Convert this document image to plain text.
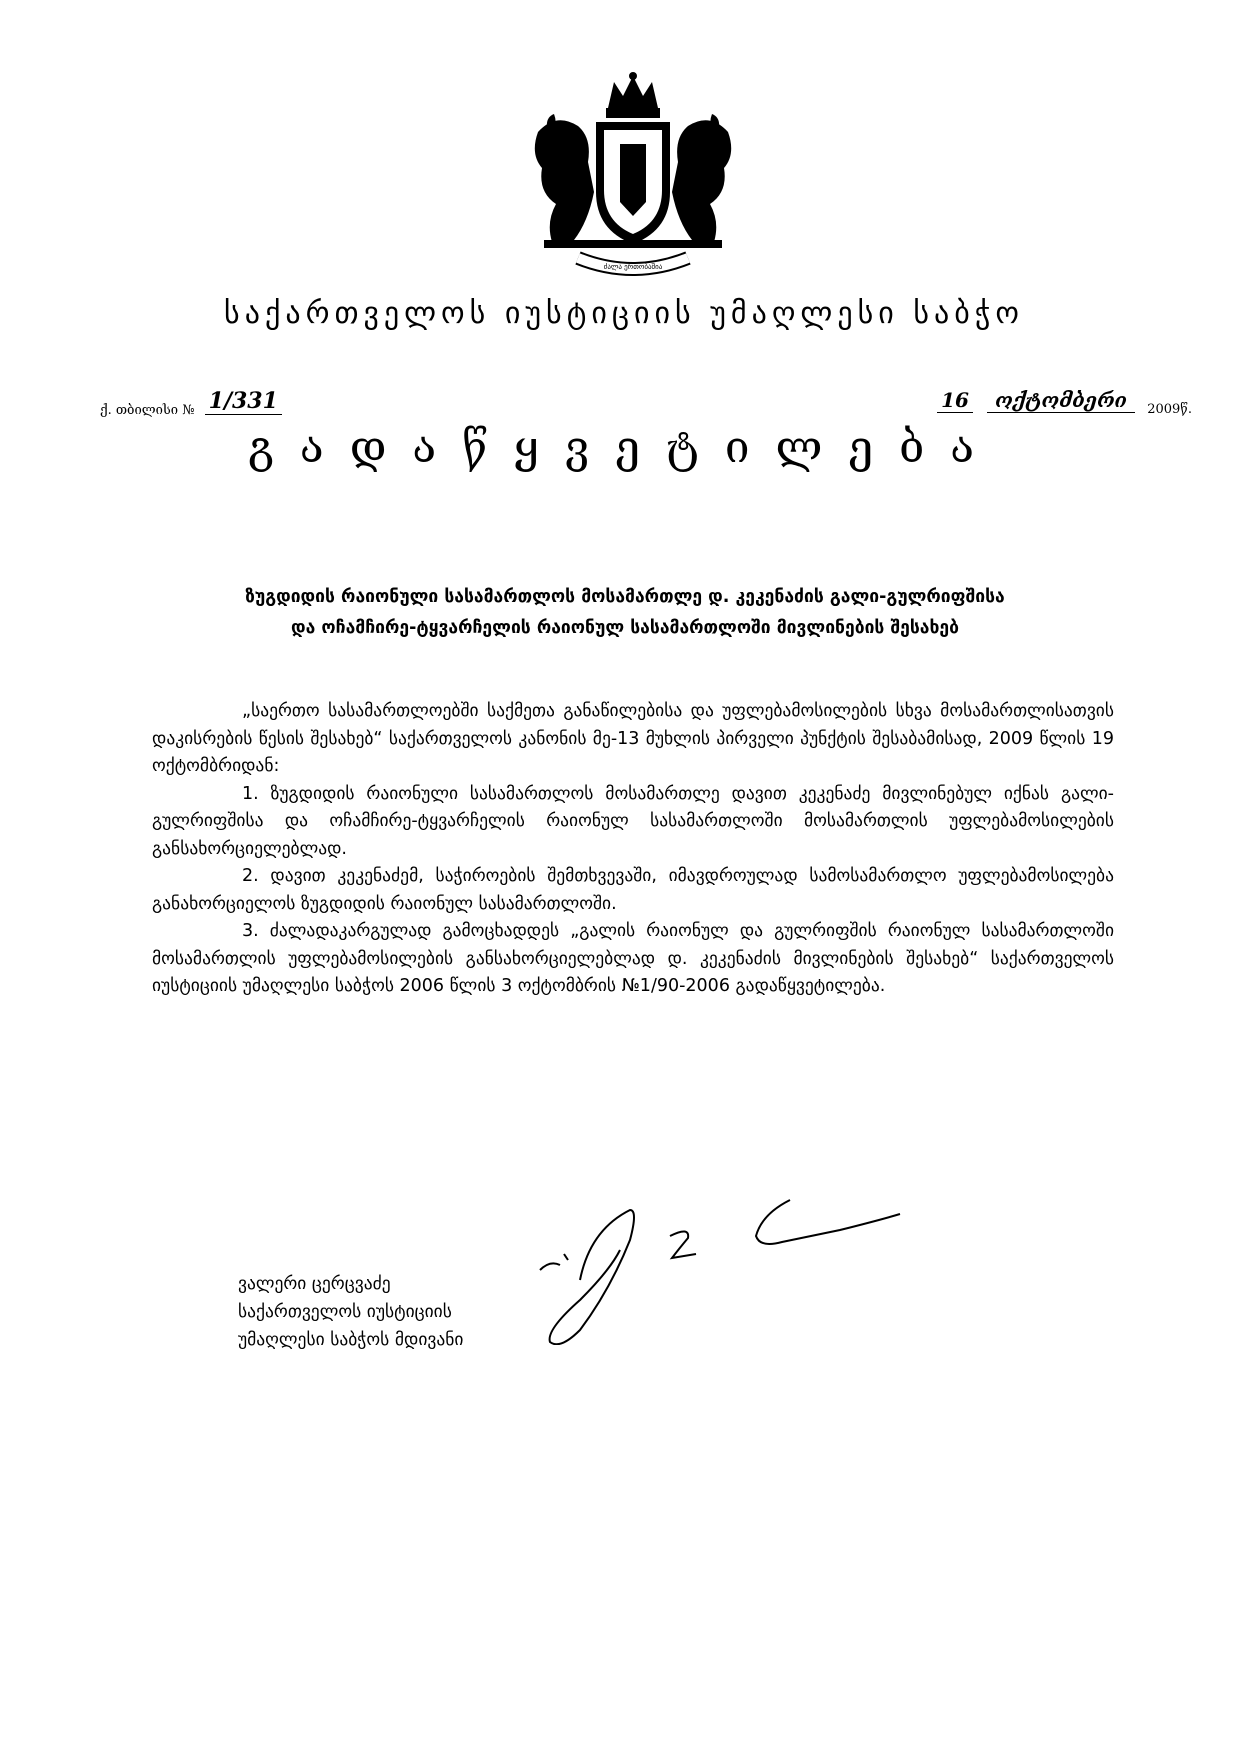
ძალა ერთობაშია
საქართველოს იუსტიციის უმაღლესი საბჭო
ქ. თბილისი № 1/331	16 ოქტომბერი 2009წ.
გადაწყვეტილება
ზუგდიდის რაიონული სასამართლოს მოსამართლე დ. კეკენაძის გალი-გულრიფშისა
და ოჩამჩირე-ტყვარჩელის რაიონულ სასამართლოში მივლინების შესახებ

„საერთო სასამართლოებში საქმეთა განაწილებისა და უფლებამოსილების სხვა მოსამართლისათვის დაკისრების წესის შესახებ“ საქართველოს კანონის მე-13 მუხლის პირველი პუნქტის შესაბამისად, 2009 წლის 19 ოქტომბრიდან:

1. ზუგდიდის რაიონული სასამართლოს მოსამართლე დავით კეკენაძე მივლინებულ იქნას გალი-გულრიფშისა და ოჩამჩირე-ტყვარჩელის რაიონულ სასამართლოში მოსამართლის უფლებამოსილების განსახორციელებლად.

2. დავით კეკენაძემ, საჭიროების შემთხვევაში, იმავდროულად სამოსამართლო უფლებამოსილება განახორციელოს ზუგდიდის რაიონულ სასამართლოში.

3. ძალადაკარგულად გამოცხადდეს „გალის რაიონულ და გულრიფშის რაიონულ სასამართლოში მოსამართლის უფლებამოსილების განსახორციელებლად დ. კეკენაძის მივლინების შესახებ“ საქართველოს იუსტიციის უმაღლესი საბჭოს 2006 წლის 3 ოქტომბრის №1/90-2006 გადაწყვეტილება.

ვალერი ცერცვაძე
საქართველოს იუსტიციის
უმაღლესი საბჭოს მდივანი
